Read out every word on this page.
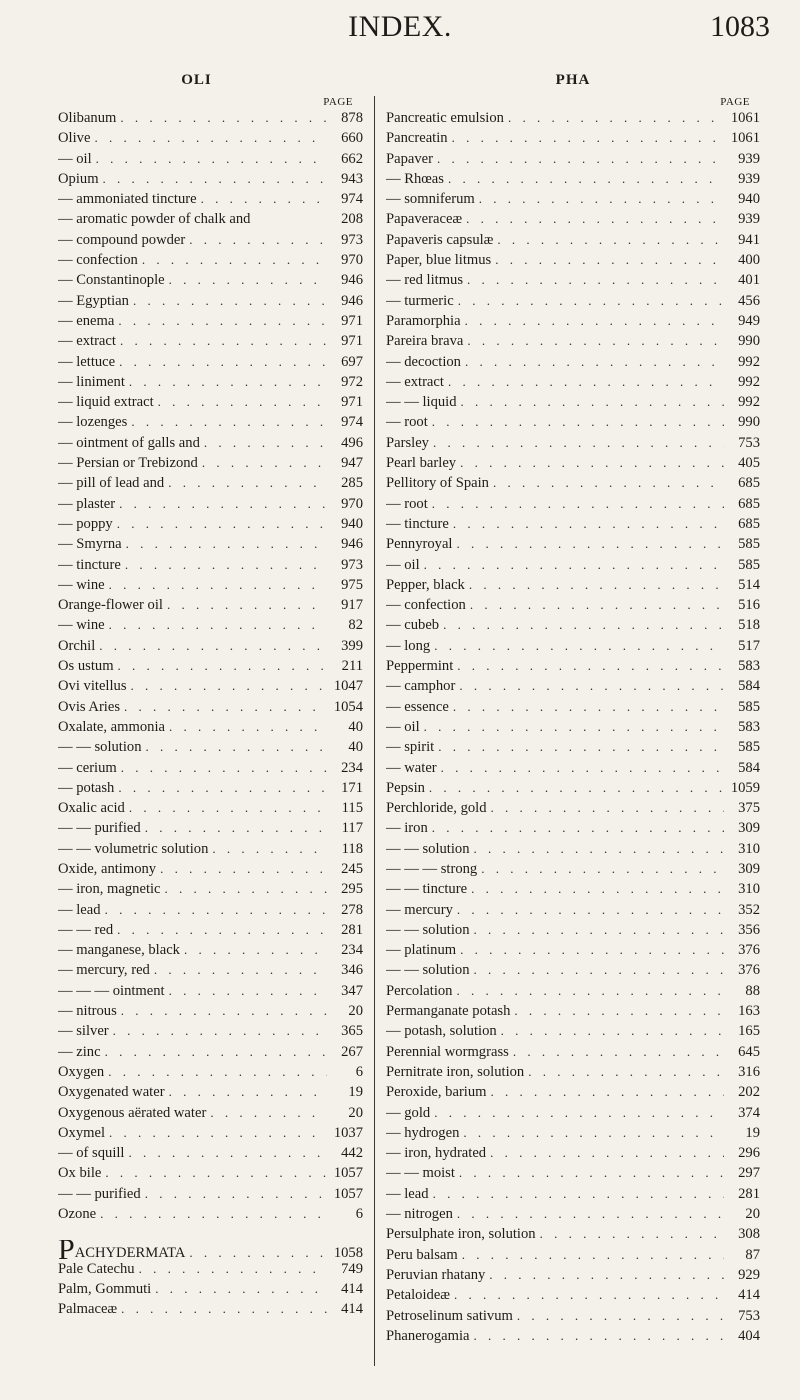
INDEX.	1083
OLI
PAGE
Olibanum . . .	878
Olive . . .	660
— oil . . .	662
Opium . . .	943
— ammoniated tincture . . .	974
— aromatic powder of chalk and	208
— compound powder . . .	973
— confection . . .	970
— Constantinople . . .	946
— Egyptian . . .	946
— enema . . .	971
— extract . . .	971
— lettuce . . .	697
— liniment . . .	972
— liquid extract . . .	971
— lozenges . . .	974
— ointment of galls and . . .	496
— Persian or Trebizond . . .	947
— pill of lead and . . .	285
— plaster . . .	970
— poppy . . .	940
— Smyrna . . .	946
— tincture . . .	973
— wine . . .	975
Orange-flower oil . . .	917
— wine . . .	82
Orchil . . .	399
Os ustum . . .	211
Ovi vitellus . . .	1047
Ovis Aries . . .	1054
Oxalate, ammonia . . .	40
— — solution . . .	40
— cerium . . .	234
— potash . . .	171
Oxalic acid . . .	115
— — purified . . .	117
— — volumetric solution . . .	118
Oxide, antimony . . .	245
— iron, magnetic . . .	295
— lead . . .	278
— — red . . .	281
— manganese, black . . .	234
— mercury, red . . .	346
— — — ointment . . .	347
— nitrous . . .	20
— silver . . .	365
— zinc . . .	267
Oxygen . . .	6
Oxygenated water . . .	19
Oxygenous aërated water . . .	20
Oxymel . . .	1037
— of squill . . .	442
Ox bile . . .	1057
— — purified . . .	1057
Ozone . . .	6
PACHYDERMATA . . .	1058
Pale Catechu . . .	749
Palm, Gommuti . . .	414
Palmaceæ . . .	414
PHA
PAGE
Pancreatic emulsion . . .	1061
Pancreatin . . .	1061
Papaver . . .	939
— Rhœas . . .	939
— somniferum . . .	940
Papaveraceæ . . .	939
Papaveris capsulæ . . .	941
Paper, blue litmus . . .	400
— red litmus . . .	401
— turmeric . . .	456
Paramorphia . . .	949
Pareira brava . . .	990
— decoction . . .	992
— extract . . .	992
— — liquid . . .	992
— root . . .	990
Parsley . . .	753
Pearl barley . . .	405
Pellitory of Spain . . .	685
— root . . .	685
— tincture . . .	685
Pennyroyal . . .	585
— oil . . .	585
Pepper, black . . .	514
— confection . . .	516
— cubeb . . .	518
— long . . .	517
Peppermint . . .	583
— camphor . . .	584
— essence . . .	585
— oil . . .	583
— spirit . . .	585
— water . . .	584
Pepsin . . .	1059
Perchloride, gold . . .	375
— iron . . .	309
— — solution . . .	310
— — — strong . . .	309
— — tincture . . .	310
— mercury . . .	352
— — solution . . .	356
— platinum . . .	376
— — solution . . .	376
Percolation . . .	88
Permanganate potash . . .	163
— potash, solution . . .	165
Perennial wormgrass . . .	645
Pernitrate iron, solution . . .	316
Peroxide, barium . . .	202
— gold . . .	374
— hydrogen . . .	19
— iron, hydrated . . .	296
— — moist . . .	297
— lead . . .	281
— nitrogen . . .	20
Persulphate iron, solution . . .	308
Peru balsam . . .	87
Peruvian rhatany . . .	929
Petaloideæ . . .	414
Petroselinum sativum . . .	753
Phanerogamia . . .	404
